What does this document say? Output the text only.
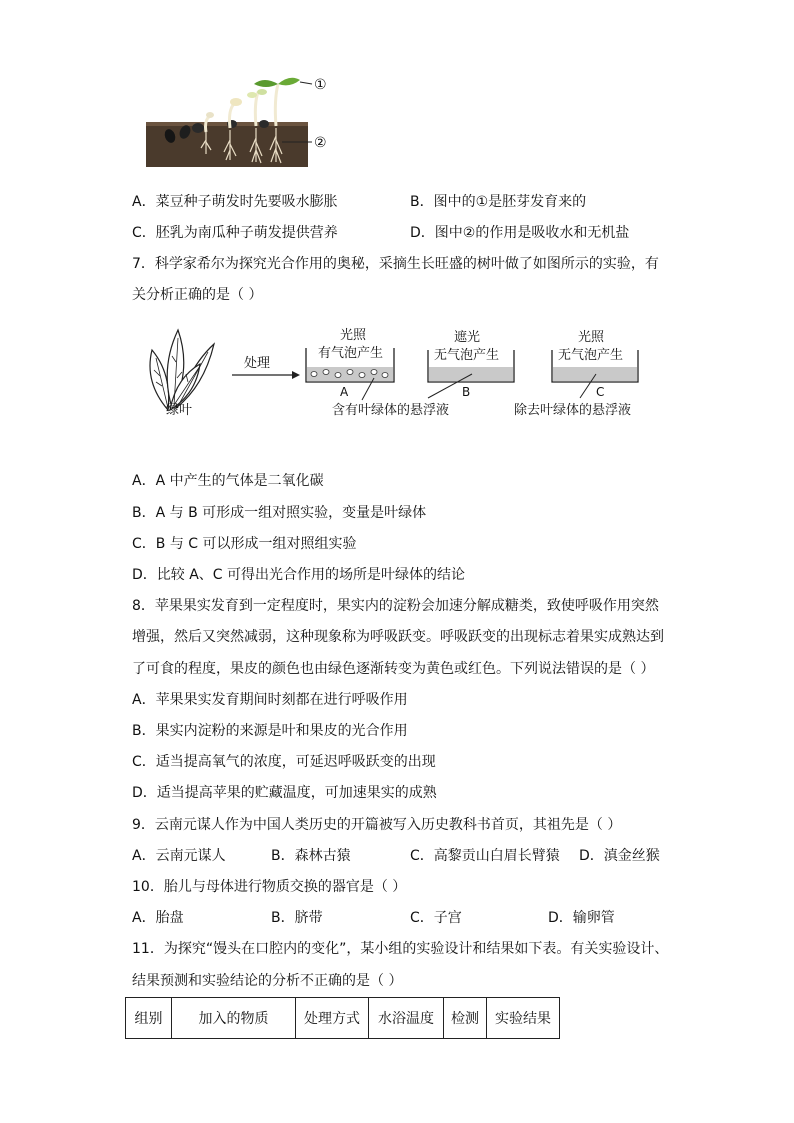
①
②
A．菜豆种子萌发时先要吸水膨胀	B．图中的①是胚芽发育来的
C．胚乳为南瓜种子萌发提供营养	D．图中②的作用是吸收水和无机盐
7．科学家希尔为探究光合作用的奥秘，采摘生长旺盛的树叶做了如图所示的实验，有
关分析正确的是（ ）
绿叶
处理
光照
有气泡产生
A
遮光
无气泡产生
B
光照
无气泡产生
C
含有叶绿体的悬浮液	除去叶绿体的悬浮液
A．A 中产生的气体是二氧化碳
B．A 与 B 可形成一组对照实验，变量是叶绿体
C．B 与 C 可以形成一组对照组实验
D．比较 A、C 可得出光合作用的场所是叶绿体的结论
8．苹果果实发育到一定程度时，果实内的淀粉会加速分解成糖类，致使呼吸作用突然
增强，然后又突然减弱，这种现象称为呼吸跃变。呼吸跃变的出现标志着果实成熟达到
了可食的程度，果皮的颜色也由绿色逐渐转变为黄色或红色。下列说法错误的是（ ）
A．苹果果实发育期间时刻都在进行呼吸作用
B．果实内淀粉的来源是叶和果皮的光合作用
C．适当提高氧气的浓度，可延迟呼吸跃变的出现
D．适当提高苹果的贮藏温度，可加速果实的成熟
9．云南元谋人作为中国人类历史的开篇被写入历史教科书首页，其祖先是（ ）
A．云南元谋人	B．森林古猿	C．高黎贡山白眉长臂猿 D．滇金丝猴
10．胎儿与母体进行物质交换的器官是（ ）
A．胎盘	B．脐带	C．子宫	D．输卵管
11．为探究“馒头在口腔内的变化”，某小组的实验设计和结果如下表。有关实验设计、
结果预测和实验结论的分析不正确的是（ ）
组别	加入的物质	处理方式	水浴温度	检测	实验结果
